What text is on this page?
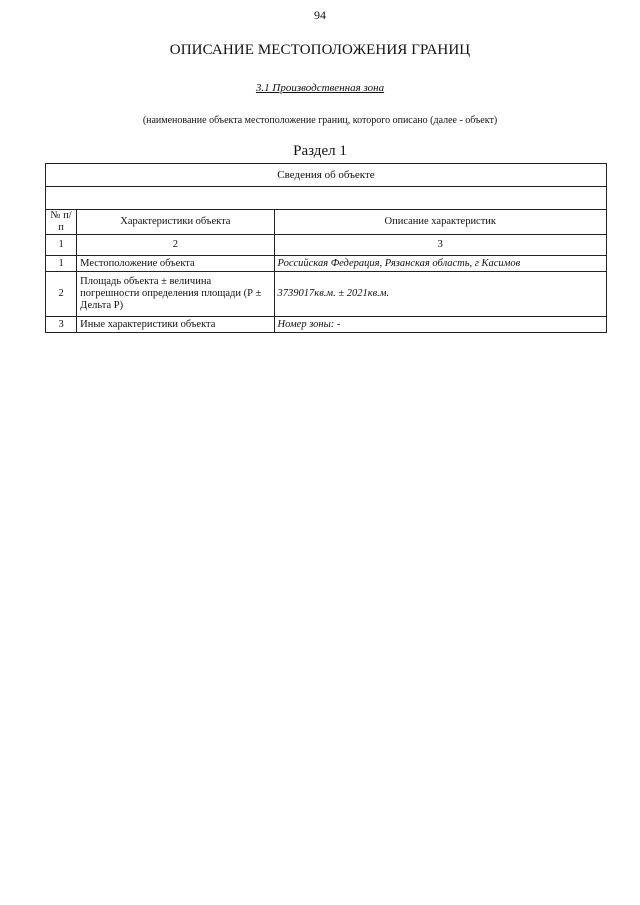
94
ОПИСАНИЕ МЕСТОПОЛОЖЕНИЯ ГРАНИЦ
3.1 Производственная зона
(наименование объекта местоположение границ, которого описано (далее - объект)
Раздел 1
Сведения об объекте		

№ п/п	Характеристики объекта	Описание характеристик
1	2	3
1	Местоположение объекта	Российская Федерация, Рязанская область, г Касимов
2	Площадь объекта ± величина погрешности определения площади (Р ± Дельта Р)	3739017кв.м. ± 2021кв.м.
3	Иные характеристики объекта	Номер зоны: -
